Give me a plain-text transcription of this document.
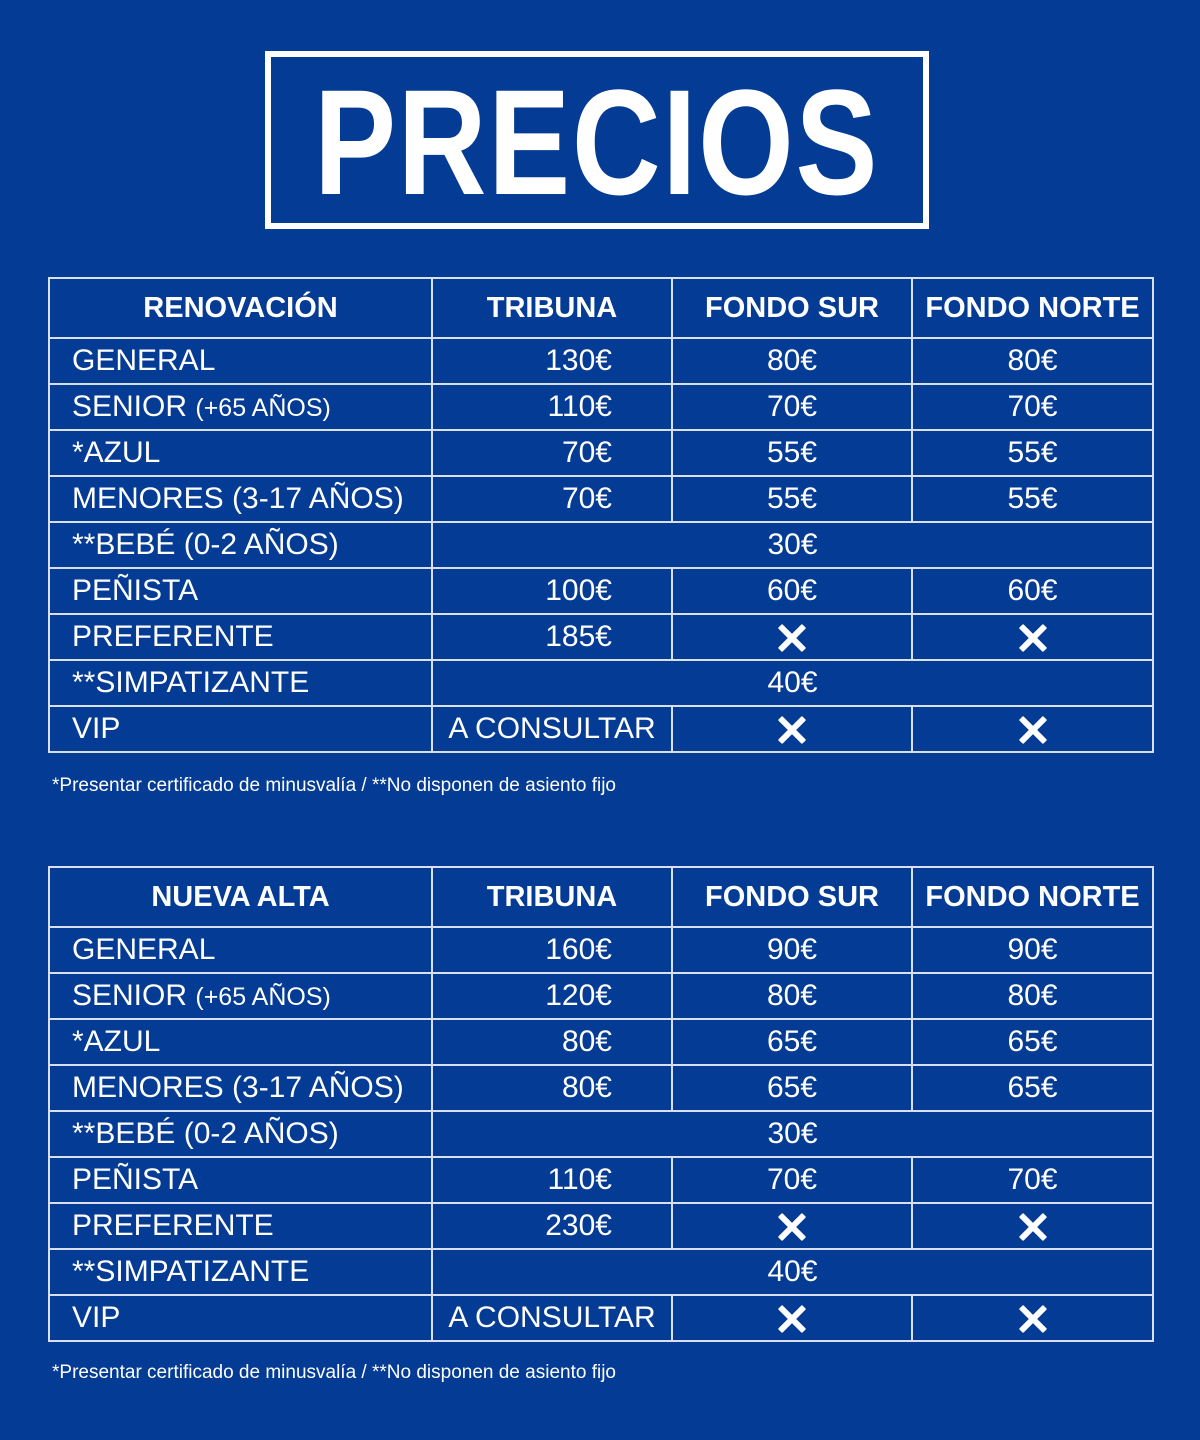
PRECIOS
RENOVACIÓN	TRIBUNA	FONDO SUR	FONDO NORTE
GENERAL	130€	80€	80€
SENIOR (+65 AÑOS)	110€	70€	70€
*AZUL	70€	55€	55€
MENORES (3-17 AÑOS)	70€	55€	55€
**BEBÉ (0-2 AÑOS)	30€		
PEÑISTA	100€	60€	60€
PREFERENTE	185€		
**SIMPATIZANTE	40€		
VIP	A CONSULTAR		
*Presentar certificado de minusvalía / **No disponen de asiento fijo
NUEVA ALTA	TRIBUNA	FONDO SUR	FONDO NORTE
GENERAL	160€	90€	90€
SENIOR (+65 AÑOS)	120€	80€	80€
*AZUL	80€	65€	65€
MENORES (3-17 AÑOS)	80€	65€	65€
**BEBÉ (0-2 AÑOS)	30€		
PEÑISTA	110€	70€	70€
PREFERENTE	230€		
**SIMPATIZANTE	40€		
VIP	A CONSULTAR		
*Presentar certificado de minusvalía / **No disponen de asiento fijo
